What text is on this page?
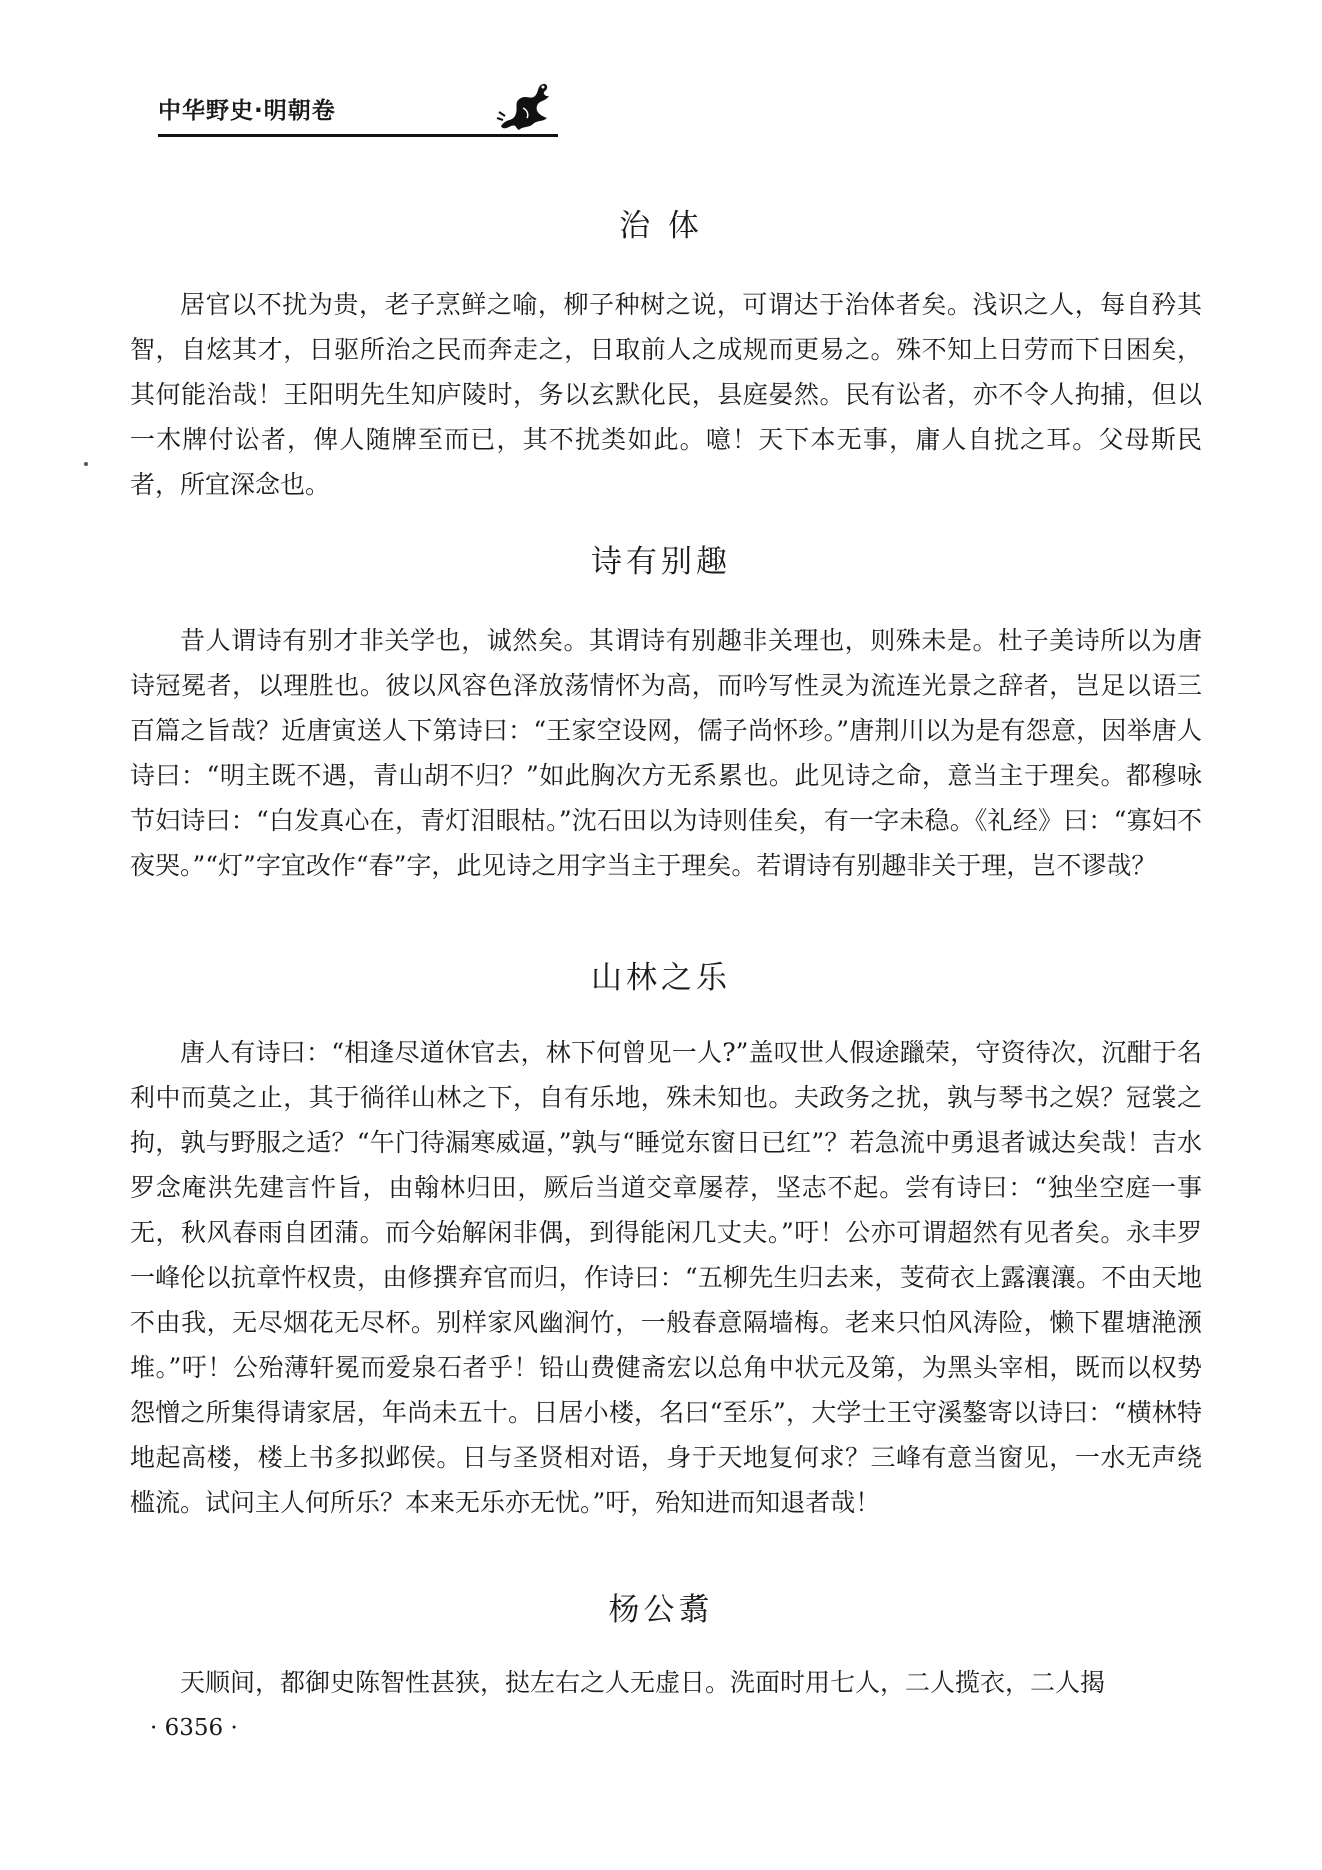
中华野史·明朝卷
治 体

居官以不扰为贵，老子烹鲜之喻，柳子种树之说，可谓达于治体者矣。浅识之人，每自矜其智，自炫其才，日驱所治之民而奔走之，日取前人之成规而更易之。殊不知上日劳而下日困矣，其何能治哉！王阳明先生知庐陵时，务以玄默化民，县庭晏然。民有讼者，亦不令人拘捕，但以一木牌付讼者，俾人随牌至而已，其不扰类如此。噫！天下本无事，庸人自扰之耳。父母斯民者，所宜深念也。

诗有别趣

昔人谓诗有别才非关学也，诚然矣。其谓诗有别趣非关理也，则殊未是。杜子美诗所以为唐诗冠冕者，以理胜也。彼以风容色泽放荡情怀为高，而吟写性灵为流连光景之辞者，岂足以语三百篇之旨哉？近唐寅送人下第诗曰：“王家空设网，儒子尚怀珍。”唐荆川以为是有怨意，因举唐人诗曰：“明主既不遇，青山胡不归？”如此胸次方无系累也。此见诗之命，意当主于理矣。都穆咏节妇诗曰：“白发真心在，青灯泪眼枯。”沈石田以为诗则佳矣，有一字未稳。《礼经》曰：“寡妇不夜哭。”“灯”字宜改作“春”字，此见诗之用字当主于理矣。若谓诗有别趣非关于理，岂不谬哉？

山林之乐

唐人有诗曰：“相逢尽道休官去，林下何曾见一人?”盖叹世人假途躐荣，守资待次，沉酣于名利中而莫之止，其于徜徉山林之下，自有乐地，殊未知也。夫政务之扰，孰与琴书之娱？冠裳之拘，孰与野服之适？“午门待漏寒威逼，”孰与“睡觉东窗日已红”？若急流中勇退者诚达矣哉！吉水罗念庵洪先建言忤旨，由翰林归田，厥后当道交章屡荐，坚志不起。尝有诗曰：“独坐空庭一事无，秋风春雨自团蒲。而今始解闲非偶，到得能闲几丈夫。”吁！公亦可谓超然有见者矣。永丰罗一峰伦以抗章忤权贵，由修撰弃官而归，作诗曰：“五柳先生归去来，芰荷衣上露瀼瀼。不由天地不由我，无尽烟花无尽杯。别样家风幽涧竹，一般春意隔墙梅。老来只怕风涛险，懒下瞿塘滟滪堆。”吁！公殆薄轩冕而爱泉石者乎！铅山费健斋宏以总角中状元及第，为黑头宰相，既而以权势怨憎之所集得请家居，年尚未五十。日居小楼，名曰“至乐”，大学士王守溪鏊寄以诗曰：“横林特地起高楼，楼上书多拟邺侯。日与圣贤相对语，身于天地复何求？三峰有意当窗见，一水无声绕槛流。试问主人何所乐？本来无乐亦无忧。”吁，殆知进而知退者哉！

杨公翥

天顺间，都御史陈智性甚狭，挞左右之人无虚日。洗面时用七人，二人揽衣，二人揭

· 6356 ·
